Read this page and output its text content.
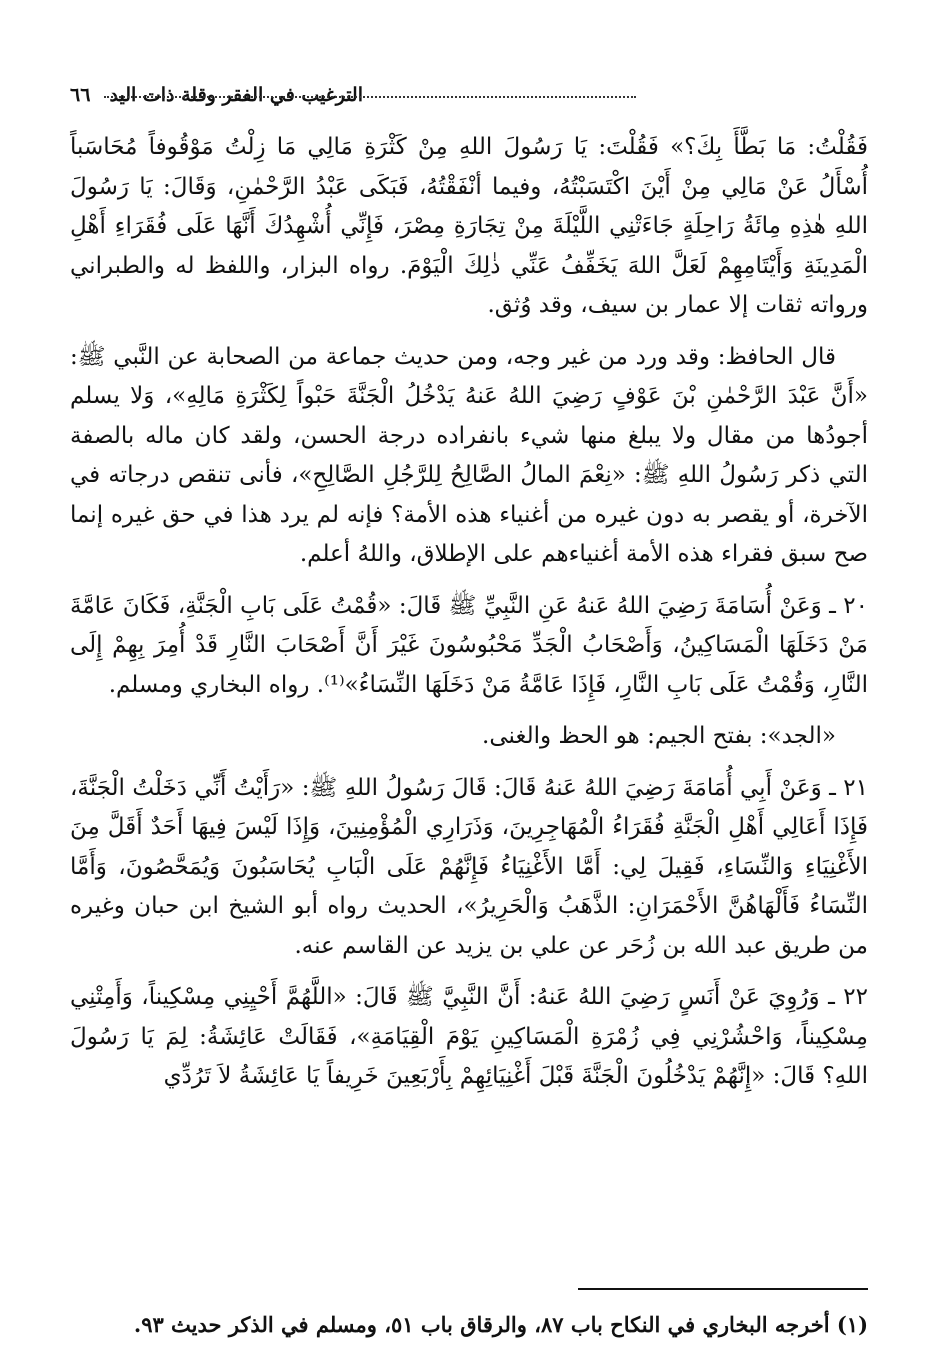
الترغيب في الفقر وقلة ذات اليد
٦٦

فَقُلْتُ: مَا بَطَّأَ بِكَ؟» فَقُلْتَ: يَا رَسُولَ اللهِ مِنْ كَثْرَةِ مَالِي مَا زِلْتُ مَوْقُوفاً مُحَاسَباً أُسْأَلُ عَنْ مَالِي مِنْ أَيْنَ اكْتَسَبْتُهُ، وفيما أنْفَقْتُهُ، فَبَكَى عَبْدُ الرَّحْمٰنِ، وَقَالَ: يَا رَسُولَ اللهِ هٰذِهِ مِائَةُ رَاحِلَةٍ جَاءَتْنِي اللَّيْلَةَ مِنْ تِجَارَةِ مِصْرَ، فَإِنِّي أُشْهِدُكَ أَنَّهَا عَلَى فُقَرَاءِ أَهْلِ الْمَدِينَةِ وَأَيْتَامِهِمْ لَعَلَّ اللهَ يَخَفِّفُ عَنِّي ذٰلِكَ الْيَوْمَ. رواه البزار، واللفظ له والطبراني ورواته ثقات إلا عمار بن سيف، وقد وُثق.

قال الحافظ: وقد ورد من غير وجه، ومن حديث جماعة من الصحابة عن النَّبي ﷺ: «أَنَّ عَبْدَ الرَّحْمٰنِ بْنَ عَوْفٍ رَضِيَ اللهُ عَنهُ يَدْخُلُ الْجَنَّةَ حَبْواً لِكَثْرَةِ مَالِهِ»، وَلا يسلم أجودُها من مقال ولا يبلغ منها شيء بانفراده درجة الحسن، ولقد كان ماله بالصفة التي ذكر رَسُولُ اللهِ ﷺ: «نِعْمَ المالُ الصَّالِحُ لِلرَّجُلِ الصَّالِحِ»، فأنى تنقص درجاته في الآخرة، أو يقصر به دون غيره من أغنياء هذه الأمة؟ فإنه لم يرد هذا في حق غيره إنما صح سبق فقراء هذه الأمة أغنياءهم على الإطلاق، واللهُ أعلم.

٢٠ ـ وَعَنْ أُسَامَةَ رَضِيَ اللهُ عَنهُ عَنِ النَّبِيِّ ﷺ قَالَ: «قُمْتُ عَلَى بَابِ الْجَنَّةِ، فَكَانَ عَامَّةَ مَنْ دَخَلَهَا الْمَسَاكِينُ، وَأَصْحَابُ الْجَدِّ مَحْبُوسُونَ غَيْرَ أَنَّ أَصْحَابَ النَّارِ قَدْ أُمِرَ بِهِمْ إِلَى النَّارِ، وَقُمْتُ عَلَى بَابِ النَّارِ، فَإِذَا عَامَّةُ مَنْ دَخَلَهَا النِّسَاءُ»⁽¹⁾. رواه البخاري ومسلم.

«الجد»: بفتح الجيم: هو الحظ والغنى.

٢١ ـ وَعَنْ أَبِي أُمَامَةَ رَضِيَ اللهُ عَنهُ قَالَ: قَالَ رَسُولُ اللهِ ﷺ: «رَأَيْتُ أَنِّي دَخَلْتُ الْجَنَّةَ، فَإِذَا أَعَالِي أَهْلِ الْجَنَّةِ فُقَرَاءُ الْمُهَاجِرِينَ، وَذَرَارِي الْمُؤْمِنِينَ، وَإِذَا لَيْسَ فِيهَا أَحَدٌ أَقَلَّ مِنَ الأَغْنِيَاءِ وَالنِّسَاءِ، فَقِيلَ لِي: أَمَّا الأَغْنِيَاءُ فَإِنَّهُمْ عَلَى الْبَابِ يُحَاسَبُونَ وَيُمَحَّصُونَ، وَأَمَّا النِّسَاءُ فَأَلْهَاهُنَّ الأَحْمَرَانِ: الذَّهَبُ وَالْحَرِيرُ»، الحديث رواه أبو الشيخ ابن حبان وغيره من طريق عبد الله بن زُحَر عن علي بن يزيد عن القاسم عنه.

٢٢ ـ وَرُوِيَ عَنْ أَنَسٍ رَضِيَ اللهُ عَنهُ: أَنَّ النَّبِيَّ ﷺ قَالَ: «اللَّهُمَّ أَحْيِنِي مِسْكِيناً، وَأَمِتْنِي مِسْكِيناً، وَاحْشُرْنِي فِي زُمْرَةِ الْمَسَاكِينِ يَوْمَ الْقِيَامَةِ»، فَقَالَتْ عَائِشَةُ: لِمَ يَا رَسُولَ اللهِ؟ قَالَ: «إِنَّهُمْ يَدْخُلُونَ الْجَنَّةَ قَبْلَ أَغْنِيَائِهِمْ بِأَرْبَعِينَ خَرِيفاً يَا عَائِشَةُ لاَ تَرُدِّي

(١) أخرجه البخاري في النكاح باب ٨٧، والرقاق باب ٥١، ومسلم في الذكر حديث ٩٣.
